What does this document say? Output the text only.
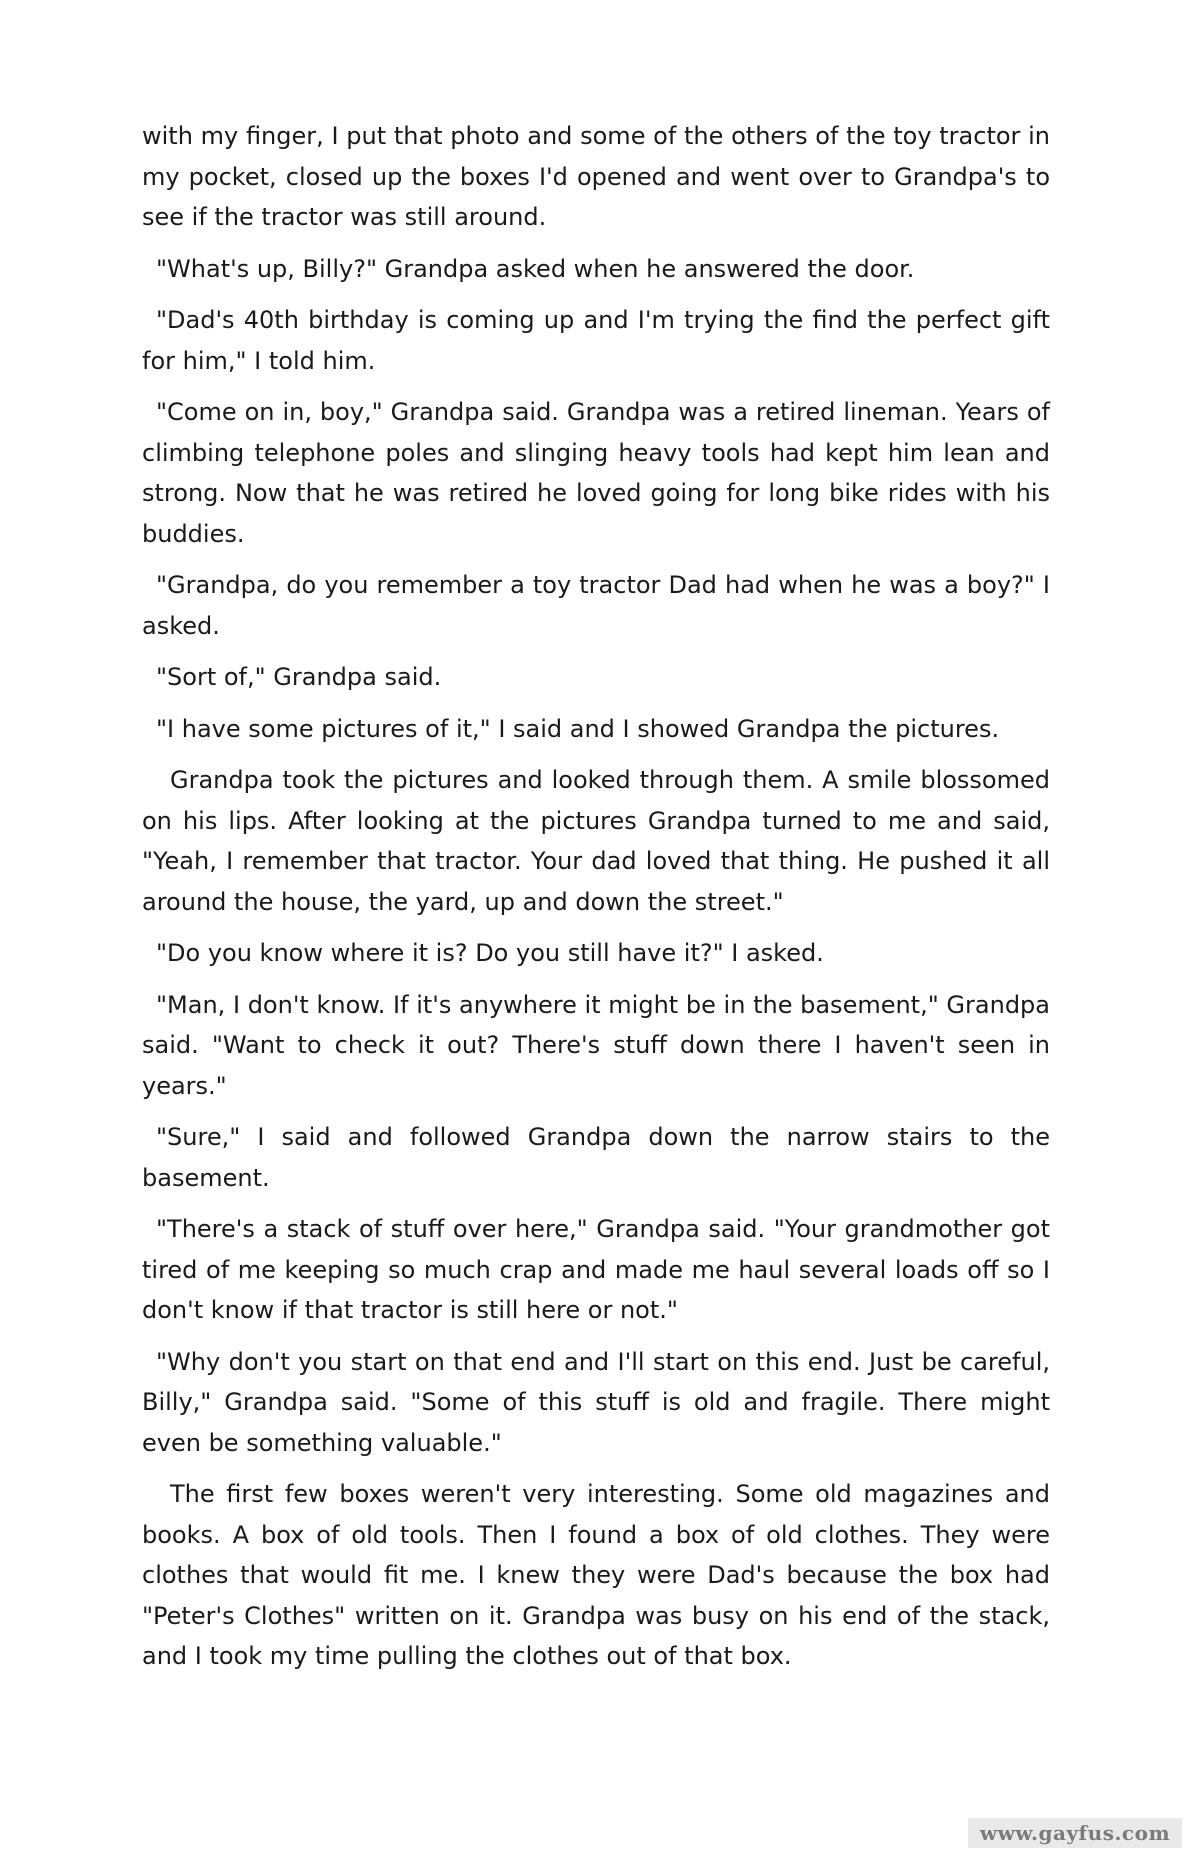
with my finger, I put that photo and some of the others of the toy tractor in my pocket, closed up the boxes I'd opened and went over to Grandpa's to see if the tractor was still around.

"What's up, Billy?" Grandpa asked when he answered the door.

"Dad's 40th birthday is coming up and I'm trying the find the perfect gift for him," I told him.

"Come on in, boy," Grandpa said. Grandpa was a retired lineman. Years of climbing telephone poles and slinging heavy tools had kept him lean and strong. Now that he was retired he loved going for long bike rides with his buddies.

"Grandpa, do you remember a toy tractor Dad had when he was a boy?" I asked.

"Sort of," Grandpa said.

"I have some pictures of it," I said and I showed Grandpa the pictures.

Grandpa took the pictures and looked through them. A smile blossomed on his lips. After looking at the pictures Grandpa turned to me and said, "Yeah, I remember that tractor. Your dad loved that thing. He pushed it all around the house, the yard, up and down the street."

"Do you know where it is? Do you still have it?" I asked.

"Man, I don't know. If it's anywhere it might be in the basement," Grandpa said. "Want to check it out? There's stuff down there I haven't seen in years."

"Sure," I said and followed Grandpa down the narrow stairs to the basement.

"There's a stack of stuff over here," Grandpa said. "Your grandmother got tired of me keeping so much crap and made me haul several loads off so I don't know if that tractor is still here or not."

"Why don't you start on that end and I'll start on this end. Just be careful, Billy," Grandpa said. "Some of this stuff is old and fragile. There might even be something valuable."

The first few boxes weren't very interesting. Some old magazines and books. A box of old tools. Then I found a box of old clothes. They were clothes that would fit me. I knew they were Dad's because the box had "Peter's Clothes" written on it. Grandpa was busy on his end of the stack, and I took my time pulling the clothes out of that box.

www.gayfus.com
